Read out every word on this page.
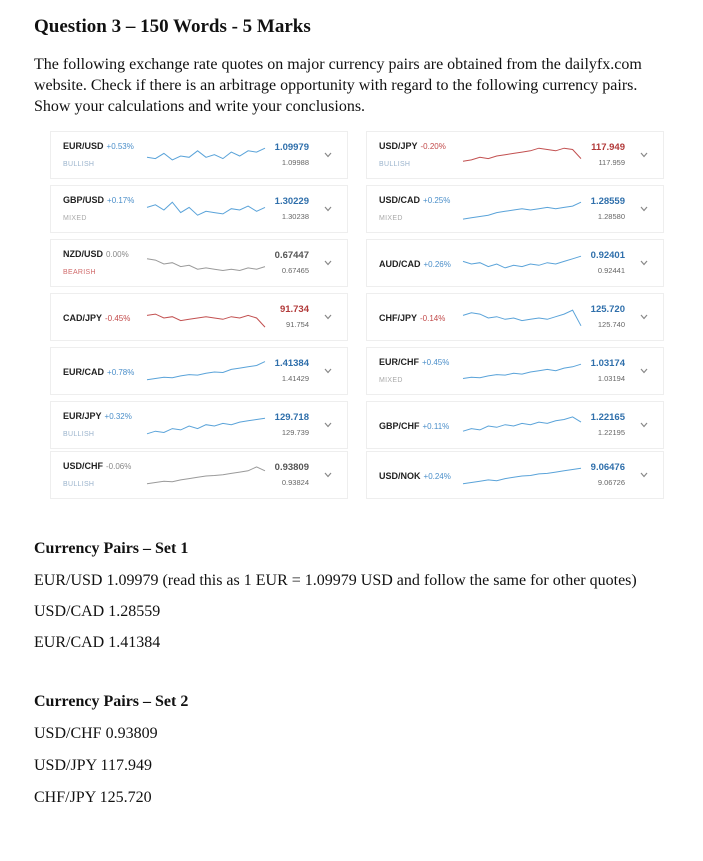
Question 3 – 150 Words - 5 Marks
The following exchange rate quotes on major currency pairs are obtained from the dailyfx.com
website. Check if there is an arbitrage opportunity with regard to the following currency pairs.
Show your calculations and write your conclusions.
EUR/USD +0.53%
BULLISH
1.09979
1.09988
GBP/USD +0.17%
MIXED
1.30229
1.30238
NZD/USD 0.00%
BEARISH
0.67447
0.67465
CAD/JPY -0.45%
91.734
91.754
EUR/CAD +0.78%
1.41384
1.41429
EUR/JPY +0.32%
BULLISH
129.718
129.739
USD/CHF -0.06%
BULLISH
0.93809
0.93824
USD/JPY -0.20%
BULLISH
117.949
117.959
USD/CAD +0.25%
MIXED
1.28559
1.28580
AUD/CAD +0.26%
0.92401
0.92441
CHF/JPY -0.14%
125.720
125.740
EUR/CHF +0.45%
MIXED
1.03174
1.03194
GBP/CHF +0.11%
1.22165
1.22195
USD/NOK +0.24%
9.06476
9.06726
Currency Pairs – Set 1
EUR/USD 1.09979 (read this as 1 EUR = 1.09979 USD and follow the same for other quotes)
USD/CAD 1.28559
EUR/CAD 1.41384
Currency Pairs – Set 2
USD/CHF 0.93809
USD/JPY 117.949
CHF/JPY 125.720
